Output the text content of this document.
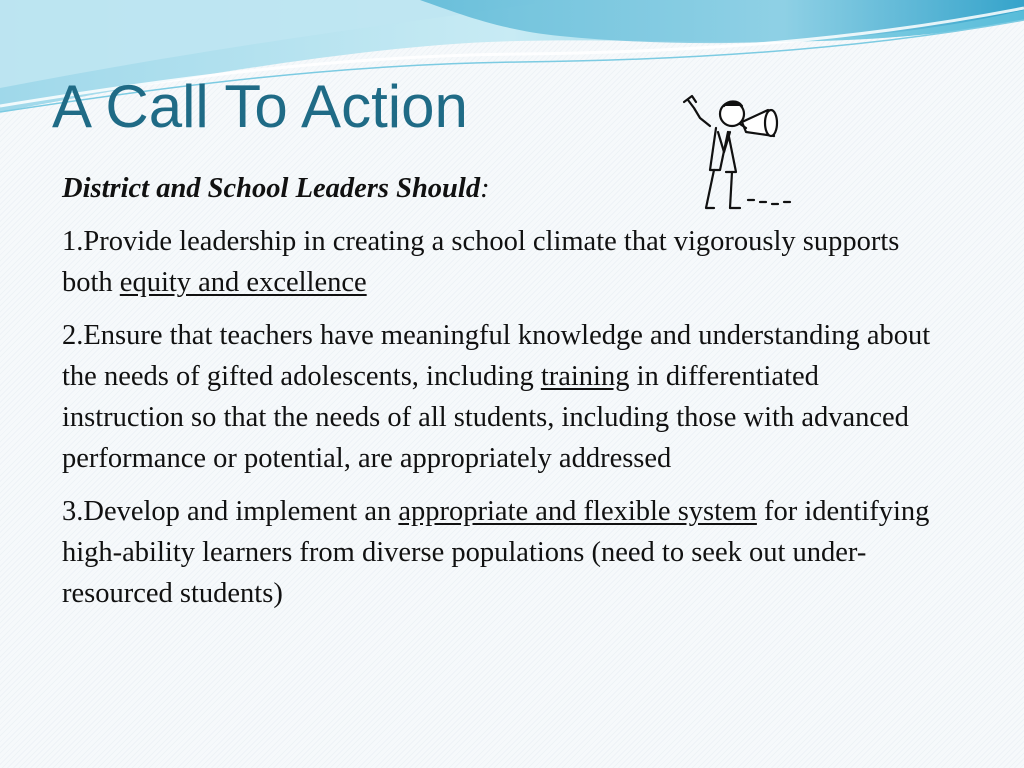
A Call To Action

District and School Leaders Should:

1.Provide leadership in creating a school climate that vigorously supports both equity and excellence

2.Ensure that teachers have meaningful knowledge and understanding about the needs of gifted adolescents, including training in differentiated instruction so that the needs of all students, including those with advanced performance or potential, are appropriately addressed

3.Develop and implement an appropriate and flexible system for identifying high-ability learners from diverse populations (need to seek out under-resourced students)
